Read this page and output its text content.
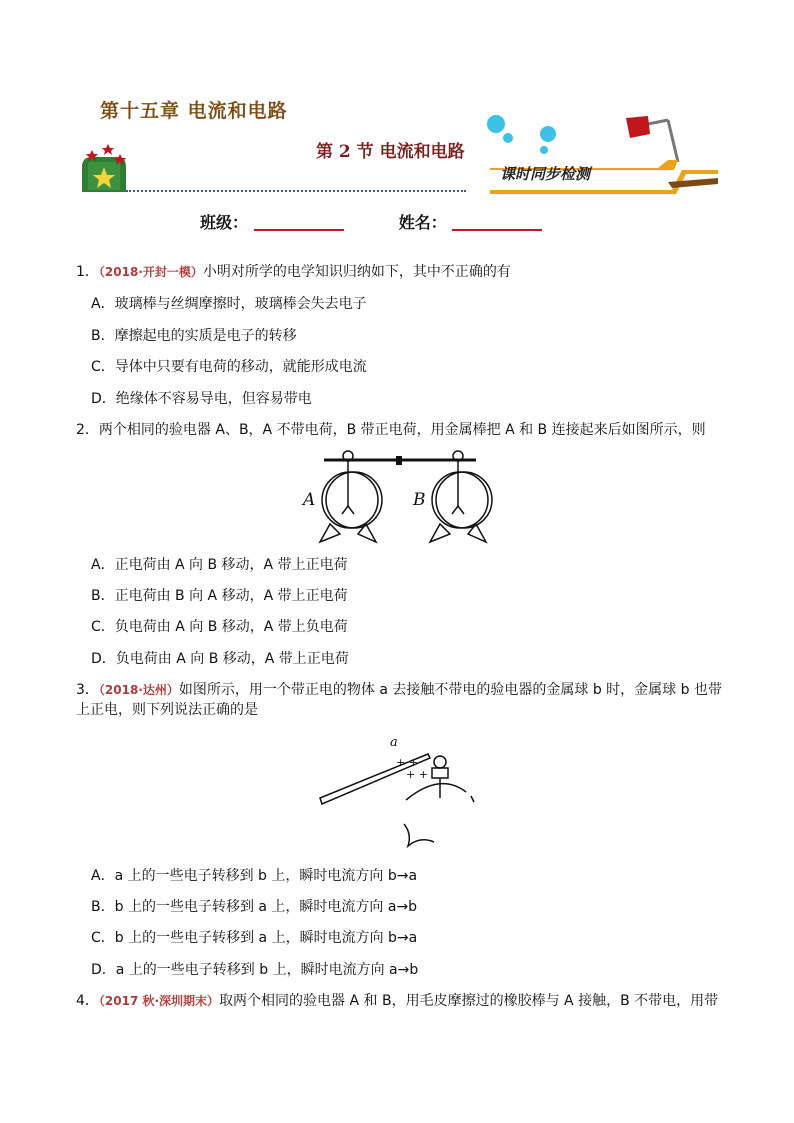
第十五章 电流和电路
第 2 节 电流和电路
课时同步检测
班级：	姓名：
1．（2018·开封一模）小明对所学的电学知识归纳如下，其中不正确的有
A．玻璃棒与丝绸摩擦时，玻璃棒会失去电子
B．摩擦起电的实质是电子的转移
C．导体中只要有电荷的移动，就能形成电流
D．绝缘体不容易导电，但容易带电
2．两个相同的验电器 A、B，A 不带电荷，B 带正电荷，用金属棒把 A 和 B 连接起来后如图所示，则
A	B
A．正电荷由 A 向 B 移动，A 带上正电荷
B．正电荷由 B 向 A 移动，A 带上正电荷
C．负电荷由 A 向 B 移动，A 带上负电荷
D．负电荷由 A 向 B 移动，A 带上正电荷
3．（2018·达州）如图所示，用一个带正电的物体 a 去接触不带电的验电器的金属球 b 时，金属球 b 也带
上正电，则下列说法正确的是
+ +
+ +
a
A．a 上的一些电子转移到 b 上，瞬时电流方向 b→a
B．b 上的一些电子转移到 a 上，瞬时电流方向 a→b
C．b 上的一些电子转移到 a 上，瞬时电流方向 b→a
D．a 上的一些电子转移到 b 上，瞬时电流方向 a→b
4．（2017 秋·深圳期末）取两个相同的验电器 A 和 B，用毛皮摩擦过的橡胶棒与 A 接触，B 不带电，用带
